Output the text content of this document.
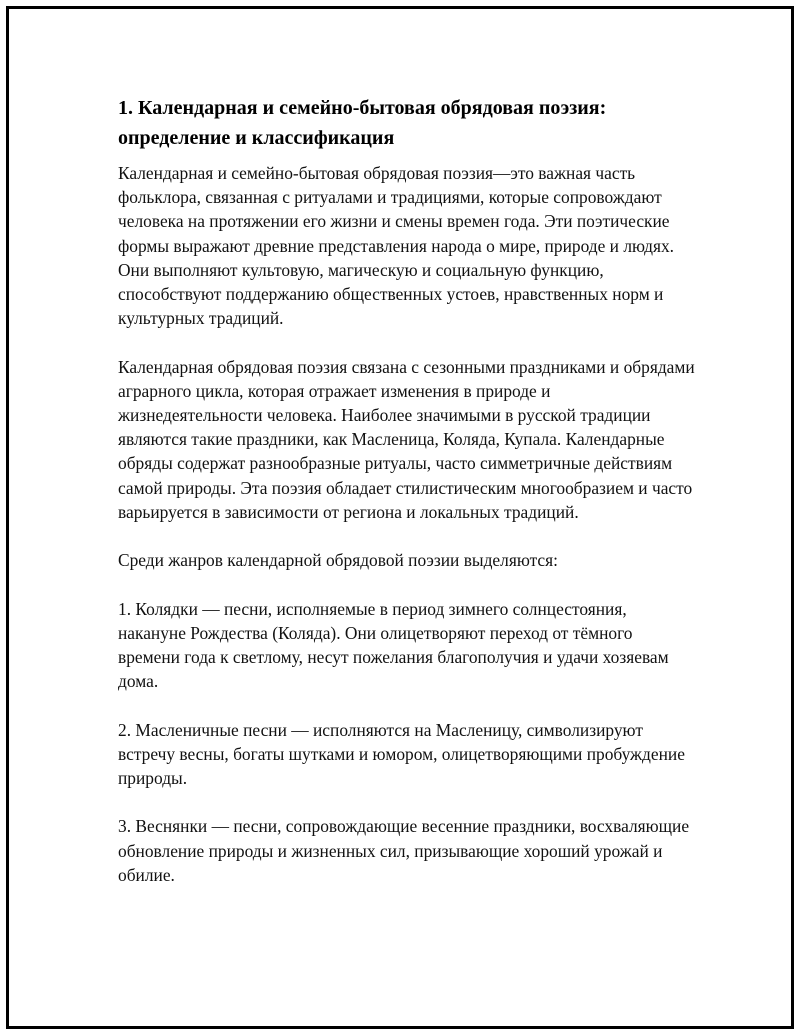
1. Календарная и семейно-бытовая обрядовая поэзия: определение и классификация

Календарная и семейно-бытовая обрядовая поэзия—это важная часть фольклора, связанная с ритуалами и традициями, которые сопровождают человека на протяжении его жизни и смены времен года. Эти поэтические формы выражают древние представления народа о мире, природе и людях. Они выполняют культовую, магическую и социальную функцию, способствуют поддержанию общественных устоев, нравственных норм и культурных традиций.

Календарная обрядовая поэзия связана с сезонными праздниками и обрядами аграрного цикла, которая отражает изменения в природе и жизнедеятельности человека. Наиболее значимыми в русской традиции являются такие праздники, как Масленица, Коляда, Купала. Календарные обряды содержат разнообразные ритуалы, часто симметричные действиям самой природы. Эта поэзия обладает стилистическим многообразием и часто варьируется в зависимости от региона и локальных традиций.

Среди жанров календарной обрядовой поэзии выделяются:

1. Колядки — песни, исполняемые в период зимнего солнцестояния, накануне Рождества (Коляда). Они олицетворяют переход от тёмного времени года к светлому, несут пожелания благополучия и удачи хозяевам дома.

2. Масленичные песни — исполняются на Масленицу, символизируют встречу весны, богаты шутками и юмором, олицетворяющими пробуждение природы.

3. Веснянки — песни, сопровождающие весенние праздники, восхваляющие обновление природы и жизненных сил, призывающие хороший урожай и обилие.
